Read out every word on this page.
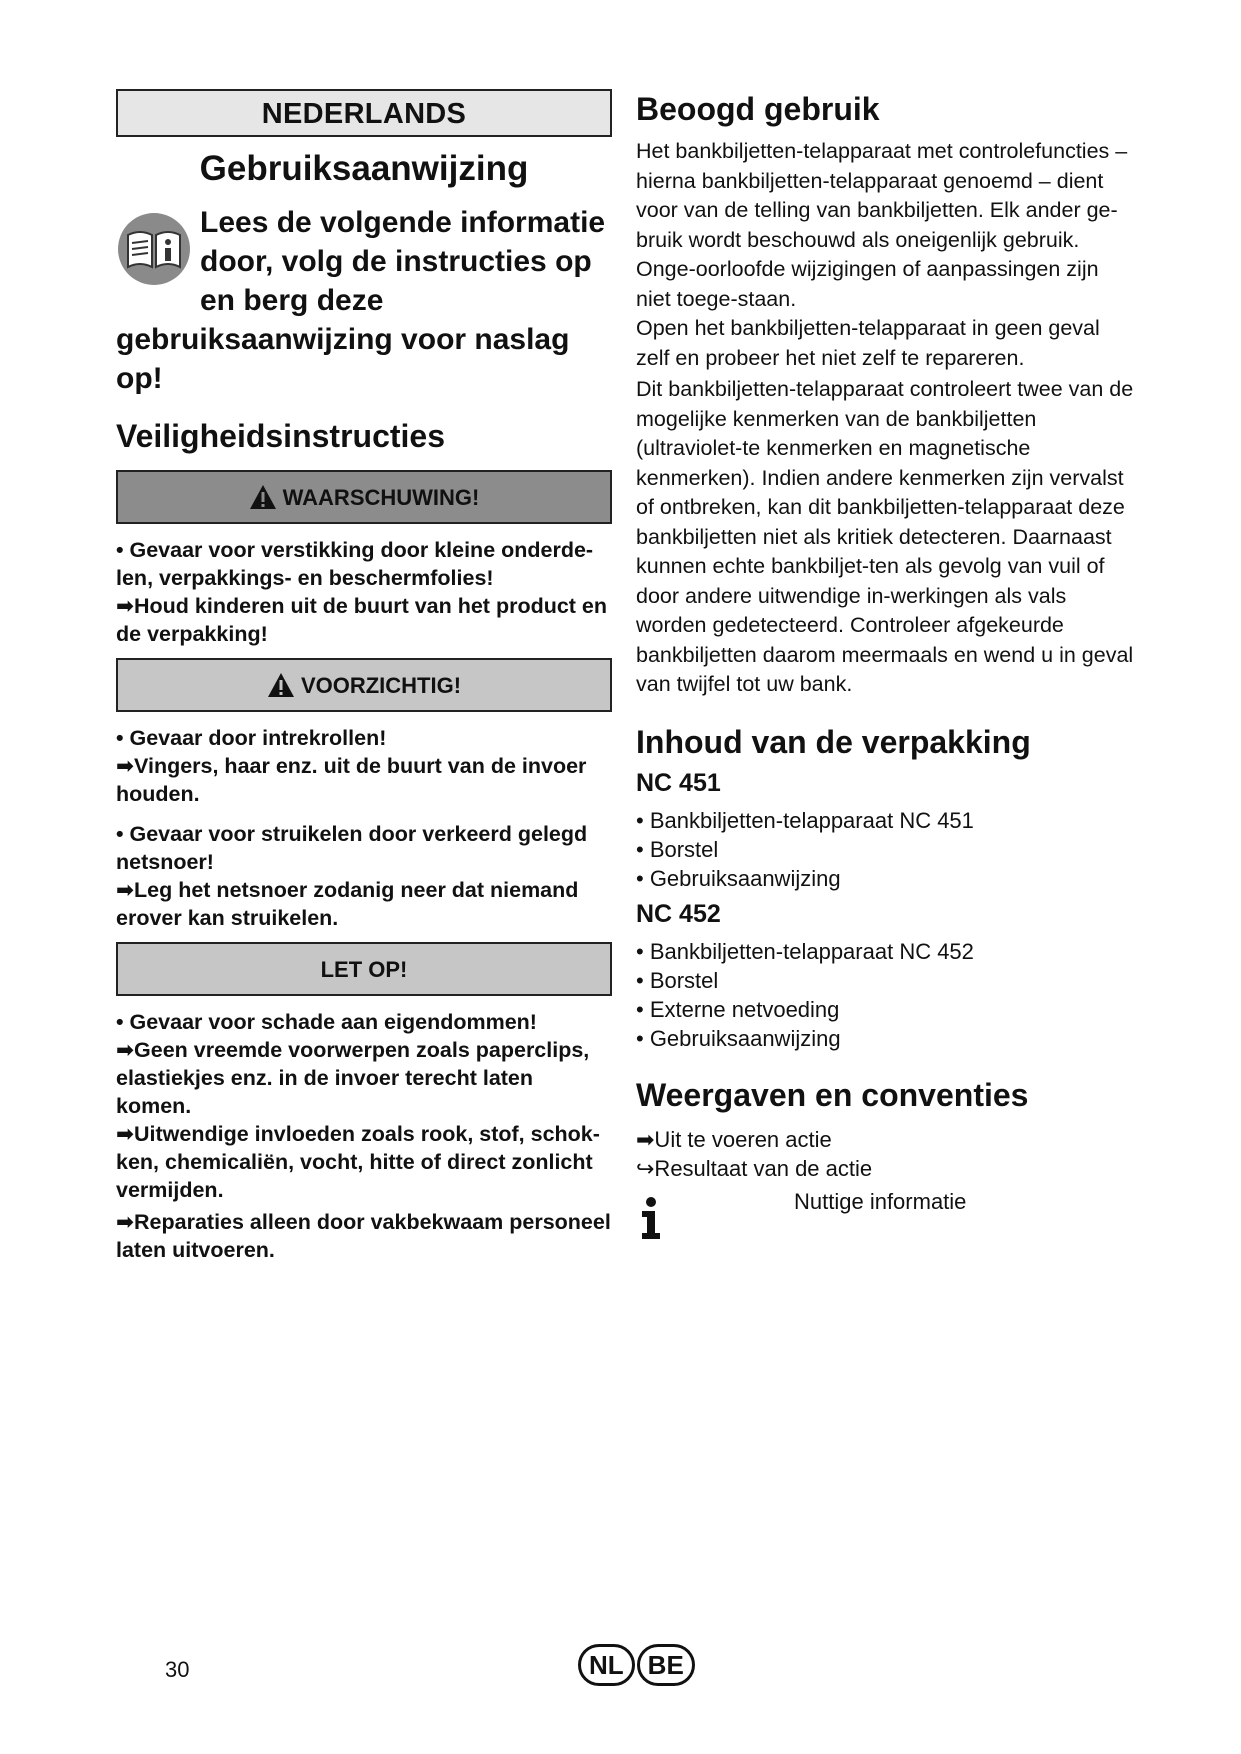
NEDERLANDS
Gebruiksaanwijzing
Lees de volgende informatie door, volg de instructies op en berg deze gebruiksaanwijzing voor naslag op!
Veiligheidsinstructies
WAARSCHUWING!

• Gevaar voor verstikking door kleine onderde-len, verpakkings- en beschermfolies!

➡Houd kinderen uit de buurt van het product en de verpakking!

VOORZICHTIG!

• Gevaar door intrekrollen!

➡Vingers, haar enz. uit de buurt van de invoer houden.

• Gevaar voor struikelen door verkeerd gelegd netsnoer!

➡Leg het netsnoer zodanig neer dat niemand erover kan struikelen.

LET OP!

• Gevaar voor schade aan eigendommen!

➡Geen vreemde voorwerpen zoals paperclips, elastiekjes enz. in de invoer terecht laten komen.

➡Uitwendige invloeden zoals rook, stof, schok-ken, chemicaliën, vocht, hitte of direct zonlicht vermijden.

➡Reparaties alleen door vakbekwaam personeel laten uitvoeren.

Beoogd gebruik

Het bankbiljetten-telapparaat met controlefuncties – hierna bankbiljetten-telapparaat genoemd – dient voor van de telling van bankbiljetten. Elk ander ge-bruik wordt beschouwd als oneigenlijk gebruik. Onge-oorloofde wijzigingen of aanpassingen zijn niet toege-staan.

Open het bankbiljetten-telapparaat in geen geval zelf en probeer het niet zelf te repareren.

Dit bankbiljetten-telapparaat controleert twee van de mogelijke kenmerken van de bankbiljetten (ultraviolet-te kenmerken en magnetische kenmerken). Indien andere kenmerken zijn vervalst of ontbreken, kan dit bankbiljetten-telapparaat deze bankbiljetten niet als kritiek detecteren. Daarnaast kunnen echte bankbiljet-ten als gevolg van vuil of door andere uitwendige in-werkingen als vals worden gedetecteerd. Controleer afgekeurde bankbiljetten daarom meermaals en wend u in geval van twijfel tot uw bank.

Inhoud van de verpakking
NC 451
• Bankbiljetten-telapparaat NC 451
• Borstel
• Gebruiksaanwijzing
NC 452
• Bankbiljetten-telapparaat NC 452
• Borstel
• Externe netvoeding
• Gebruiksaanwijzing
Weergaven en conventies
➡Uit te voeren actie
↪Resultaat van de actie
Nuttige informatie
30	NL BE
